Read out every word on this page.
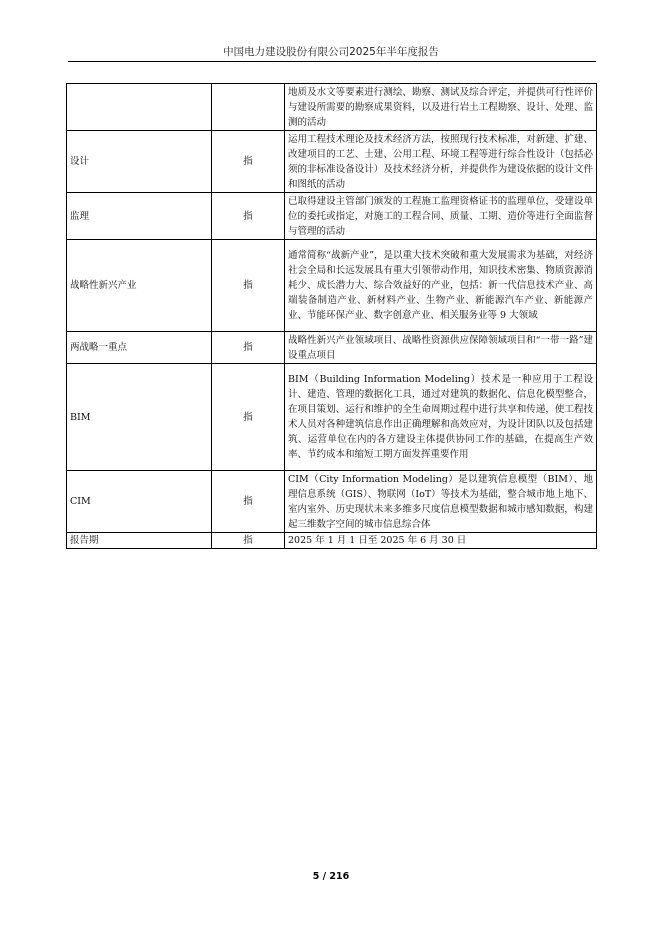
中国电力建设股份有限公司2025年半年度报告
		地质及水文等要素进行测绘、勘察、测试及综合评定，并提供可行性评价与建设所需要的勘察成果资料，以及进行岩土工程勘察、设计、处理、监测的活动
设计	指	运用工程技术理论及技术经济方法，按照现行技术标准，对新建、扩建、改建项目的工艺、土建、公用工程、环境工程等进行综合性设计（包括必须的非标准设备设计）及技术经济分析，并提供作为建设依据的设计文件和图纸的活动
监理	指	已取得建设主管部门颁发的工程施工监理资格证书的监理单位，受建设单位的委托或指定，对施工的工程合同、质量、工期、造价等进行全面监督与管理的活动
战略性新兴产业	指	通常简称“战新产业”，是以重大技术突破和重大发展需求为基础，对经济社会全局和长远发展具有重大引领带动作用，知识技术密集、物质资源消耗少、成长潜力大、综合效益好的产业，包括：新一代信息技术产业、高端装备制造产业、新材料产业、生物产业、新能源汽车产业、新能源产业、节能环保产业、数字创意产业、相关服务业等 9 大领域
两战略一重点	指	战略性新兴产业领域项目、战略性资源供应保障领域项目和“一带一路”建设重点项目
BIM	指	BIM（Building Information Modeling）技术是一种应用于工程设计、建造、管理的数据化工具，通过对建筑的数据化、信息化模型整合，在项目策划、运行和维护的全生命周期过程中进行共享和传递，使工程技术人员对各种建筑信息作出正确理解和高效应对，为设计团队以及包括建筑、运营单位在内的各方建设主体提供协同工作的基础，在提高生产效率、节约成本和缩短工期方面发挥重要作用
CIM	指	CIM（City Information Modeling）是以建筑信息模型（BIM）、地理信息系统（GIS）、物联网（IoT）等技术为基础，整合城市地上地下、室内室外、历史现状未来多维多尺度信息模型数据和城市感知数据，构建起三维数字空间的城市信息综合体
报告期	指	2025 年 1 月 1 日至 2025 年 6 月 30 日
5 / 216
